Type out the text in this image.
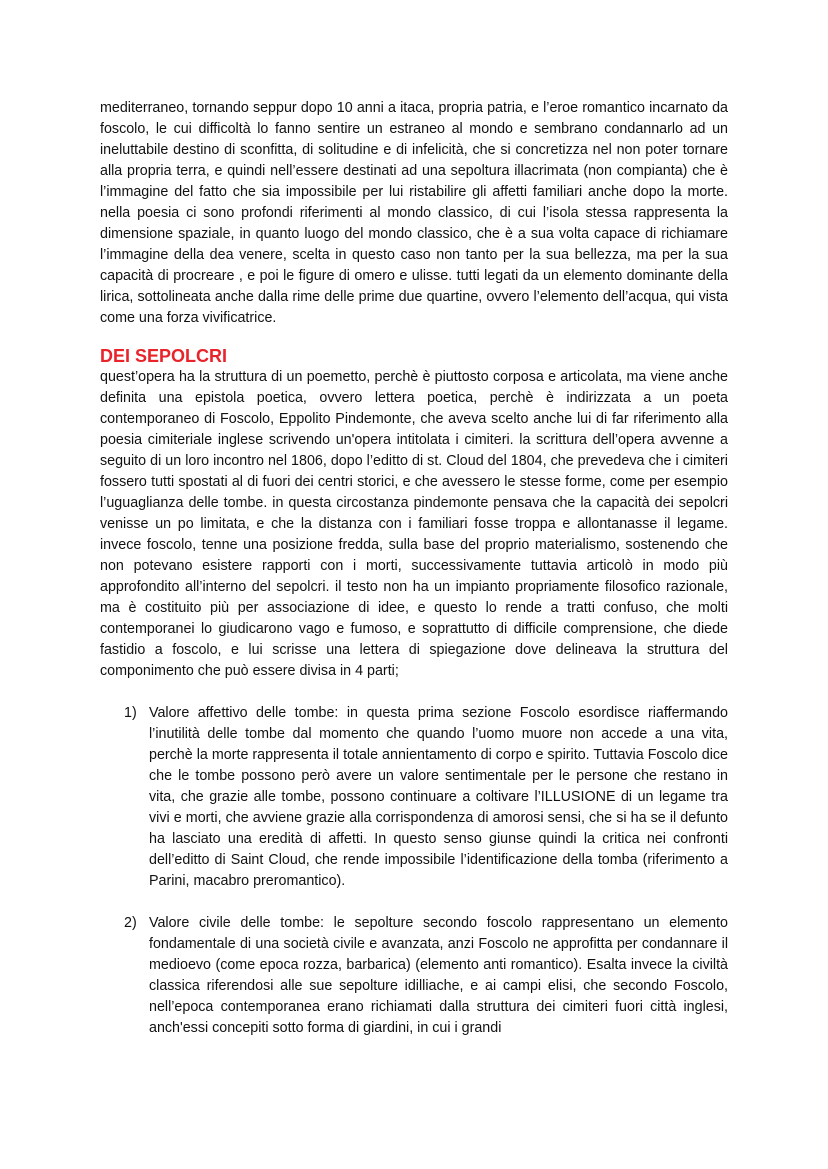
mediterraneo, tornando seppur dopo 10 anni a itaca, propria patria, e l’eroe romantico incarnato da foscolo, le cui difficoltà lo fanno sentire un estraneo al mondo e sembrano condannarlo ad un ineluttabile destino di sconfitta, di solitudine e di infelicità, che si concretizza nel non poter tornare alla propria terra, e quindi nell’essere destinati ad una sepoltura illacrimata (non compianta) che è l’immagine del fatto che sia impossibile per lui ristabilire gli affetti familiari anche dopo la morte. nella poesia ci sono profondi riferimenti al mondo classico, di cui l’isola stessa rappresenta la dimensione spaziale, in quanto luogo del mondo classico, che è a sua volta capace di richiamare l’immagine della dea venere, scelta in questo caso non tanto per la sua bellezza, ma per la sua capacità di procreare , e poi le figure di omero e ulisse. tutti legati da un elemento dominante della lirica, sottolineata anche dalla rime delle prime due quartine, ovvero l’elemento dell’acqua, qui vista come una forza vivificatrice.

DEI SEPOLCRI

quest’opera ha la struttura di un poemetto, perchè è piuttosto corposa e articolata, ma viene anche definita una epistola poetica, ovvero lettera poetica, perchè è indirizzata a un poeta contemporaneo di Foscolo, Eppolito Pindemonte, che aveva scelto anche lui di far riferimento alla poesia cimiteriale inglese scrivendo un'opera intitolata i cimiteri. la scrittura dell’opera avvenne a seguito di un loro incontro nel 1806, dopo l’editto di st. Cloud del 1804, che prevedeva che i cimiteri fossero tutti spostati al di fuori dei centri storici, e che avessero le stesse forme, come per esempio l’uguaglianza delle tombe. in questa circostanza pindemonte pensava che la capacità dei sepolcri venisse un po limitata, e che la distanza con i familiari fosse troppa e allontanasse il legame. invece foscolo, tenne una posizione fredda, sulla base del proprio materialismo, sostenendo che non potevano esistere rapporti con i morti, successivamente tuttavia articolò in modo più approfondito all’interno del sepolcri. il testo non ha un impianto propriamente filosofico razionale, ma è costituito più per associazione di idee, e questo lo rende a tratti confuso, che molti contemporanei lo giudicarono vago e fumoso, e soprattutto di difficile comprensione, che diede fastidio a foscolo, e lui scrisse una lettera di spiegazione dove delineava la struttura del componimento che può essere divisa in 4 parti;

1) Valore affettivo delle tombe: in questa prima sezione Foscolo esordisce riaffermando l’inutilità delle tombe dal momento che quando l’uomo muore non accede a una vita, perchè la morte rappresenta il totale annientamento di corpo e spirito. Tuttavia Foscolo dice che le tombe possono però avere un valore sentimentale per le persone che restano in vita, che grazie alle tombe, possono continuare a coltivare l’ILLUSIONE di un legame tra vivi e morti, che avviene grazie alla corrispondenza di amorosi sensi, che si ha se il defunto ha lasciato una eredità di affetti. In questo senso giunse quindi la critica nei confronti dell’editto di Saint Cloud, che rende impossibile l’identificazione della tomba (riferimento a Parini, macabro preromantico).

2) Valore civile delle tombe: le sepolture secondo foscolo rappresentano un elemento fondamentale di una società civile e avanzata, anzi Foscolo ne approfitta per condannare il medioevo (come epoca rozza, barbarica) (elemento anti romantico). Esalta invece la civiltà classica riferendosi alle sue sepolture idilliache, e ai campi elisi, che secondo Foscolo, nell’epoca contemporanea erano richiamati dalla struttura dei cimiteri fuori città inglesi, anch'essi concepiti sotto forma di giardini, in cui i grandi
